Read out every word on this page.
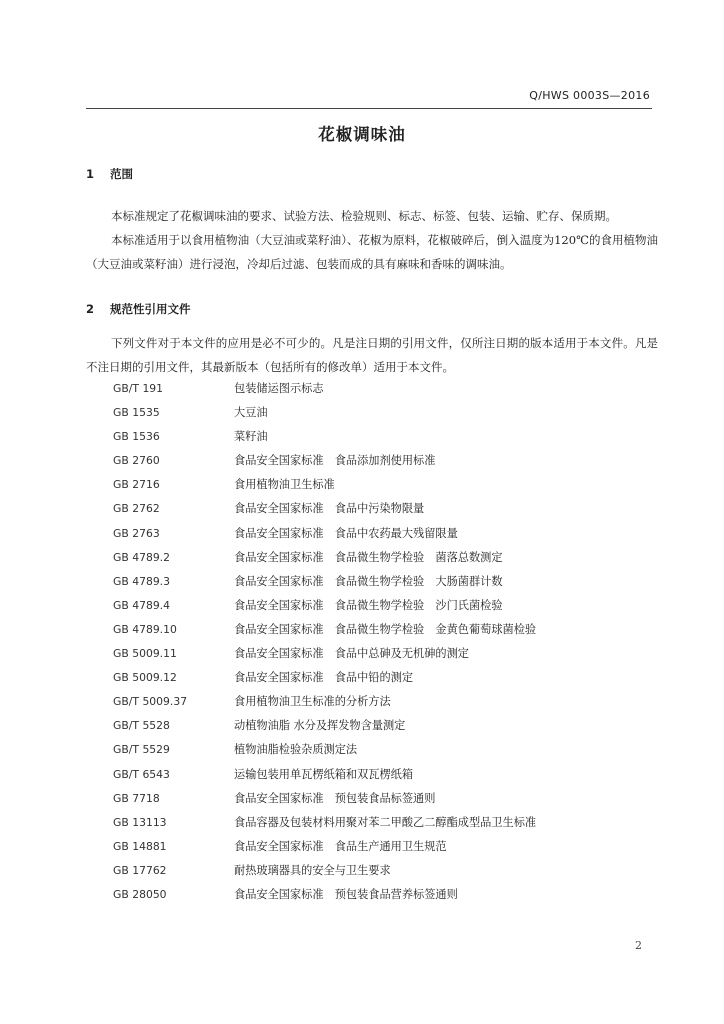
Q/HWS 0003S—2016
花椒调味油
1 范围
本标准规定了花椒调味油的要求、试验方法、检验规则、标志、标签、包装、运输、贮存、保质期。
本标准适用于以食用植物油（大豆油或菜籽油）、花椒为原料，花椒破碎后，倒入温度为120℃的食用植物油（大豆油或菜籽油）进行浸泡，冷却后过滤、包装而成的具有麻味和香味的调味油。
2 规范性引用文件
下列文件对于本文件的应用是必不可少的。凡是注日期的引用文件，仅所注日期的版本适用于本文件。凡是不注日期的引用文件，其最新版本（包括所有的修改单）适用于本文件。
GB/T 191	包装储运图示标志
GB 1535	大豆油
GB 1536	菜籽油
GB 2760	食品安全国家标准　食品添加剂使用标准
GB 2716	食用植物油卫生标准
GB 2762	食品安全国家标准　食品中污染物限量
GB 2763	食品安全国家标准　食品中农药最大残留限量
GB 4789.2	食品安全国家标准　食品微生物学检验　菌落总数测定
GB 4789.3	食品安全国家标准　食品微生物学检验　大肠菌群计数
GB 4789.4	食品安全国家标准　食品微生物学检验　沙门氏菌检验
GB 4789.10	食品安全国家标准　食品微生物学检验　金黄色葡萄球菌检验
GB 5009.11	食品安全国家标准　食品中总砷及无机砷的测定
GB 5009.12	食品安全国家标准　食品中铅的测定
GB/T 5009.37	食用植物油卫生标准的分析方法
GB/T 5528	动植物油脂 水分及挥发物含量测定
GB/T 5529	植物油脂检验杂质测定法
GB/T 6543	运输包装用单瓦楞纸箱和双瓦楞纸箱
GB 7718	食品安全国家标准　预包装食品标签通则
GB 13113	食品容器及包装材料用聚对苯二甲酸乙二醇酯成型品卫生标准
GB 14881	食品安全国家标准　食品生产通用卫生规范
GB 17762	耐热玻璃器具的安全与卫生要求
GB 28050	食品安全国家标准　预包装食品营养标签通则
2
